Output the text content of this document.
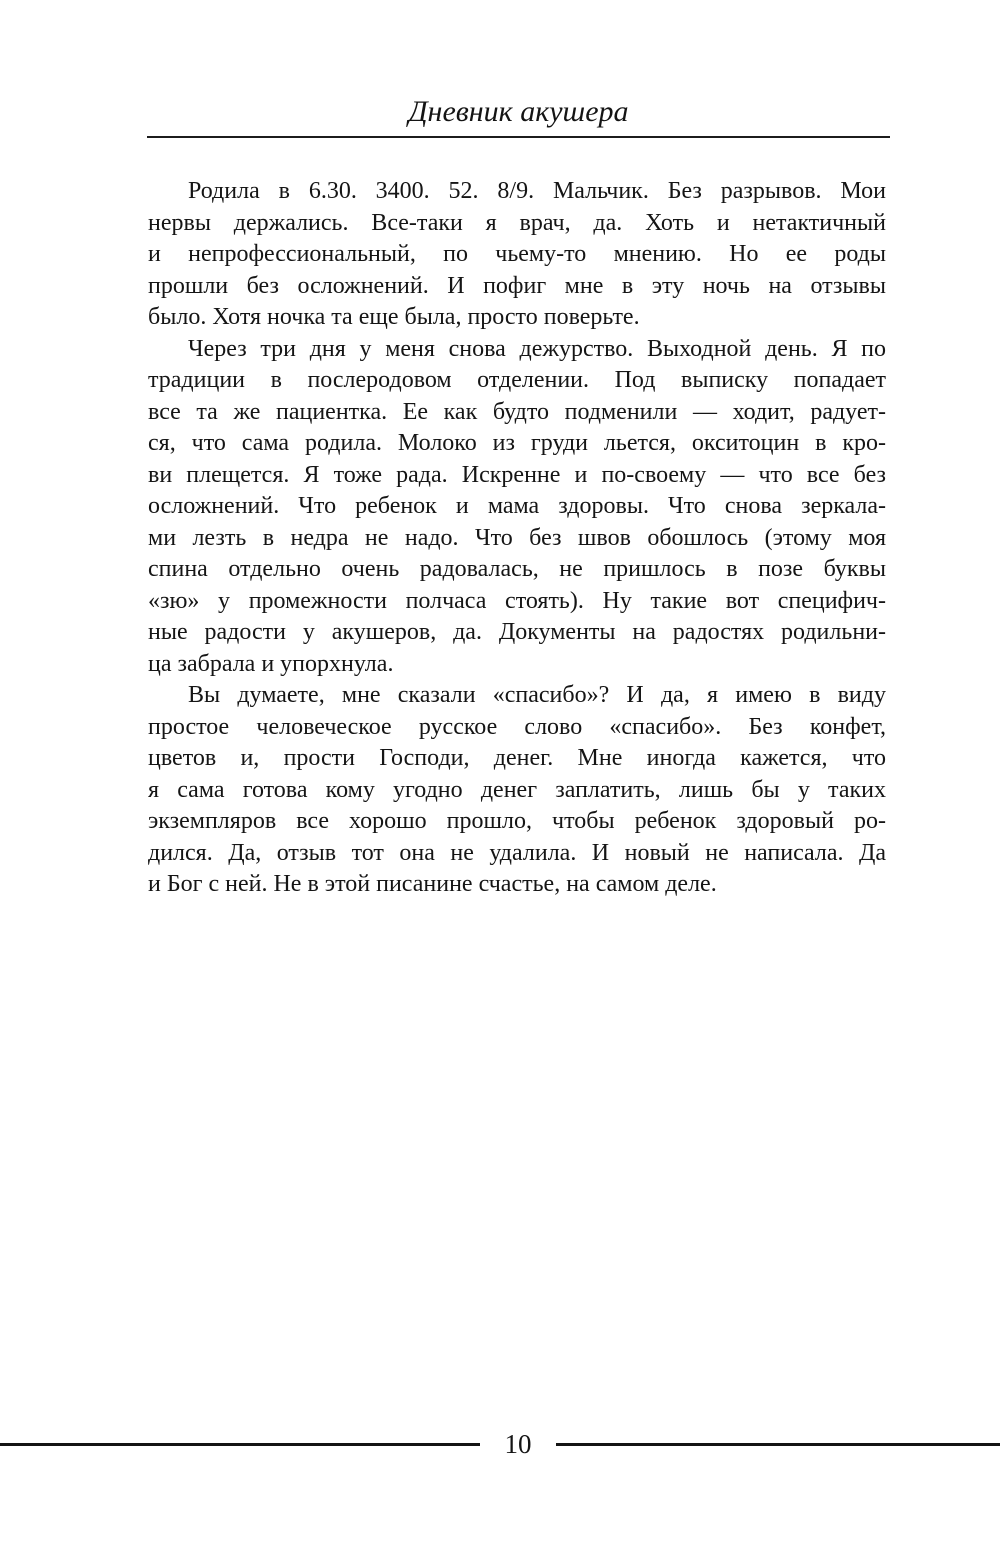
Дневник акушера
Родила в 6.30. 3400. 52. 8/9. Мальчик. Без разрывов. Мои
нервы держались. Все-таки я врач, да. Хоть и нетактичный
и непрофессиональный, по чьему-то мнению. Но ее роды
прошли без осложнений. И пофиг мне в эту ночь на отзывы
было. Хотя ночка та еще была, просто поверьте.
Через три дня у меня снова дежурство. Выходной день. Я по
традиции в послеродовом отделении. Под выписку попадает
все та же пациентка. Ее как будто подменили — ходит, радует-
ся, что сама родила. Молоко из груди льется, окситоцин в кро-
ви плещется. Я тоже рада. Искренне и по-своему — что все без
осложнений. Что ребенок и мама здоровы. Что снова зеркала-
ми лезть в недра не надо. Что без швов обошлось (этому моя
спина отдельно очень радовалась, не пришлось в позе буквы
«зю» у промежности полчаса стоять). Ну такие вот специфич-
ные радости у акушеров, да. Документы на радостях родильни-
ца забрала и упорхнула.
Вы думаете, мне сказали «спасибо»? И да, я имею в виду
простое человеческое русское слово «спасибо». Без конфет,
цветов и, прости Господи, денег. Мне иногда кажется, что
я сама готова кому угодно денег заплатить, лишь бы у таких
экземпляров все хорошо прошло, чтобы ребенок здоровый ро-
дился. Да, отзыв тот она не удалила. И новый не написала. Да
и Бог с ней. Не в этой писанине счастье, на самом деле.
10
